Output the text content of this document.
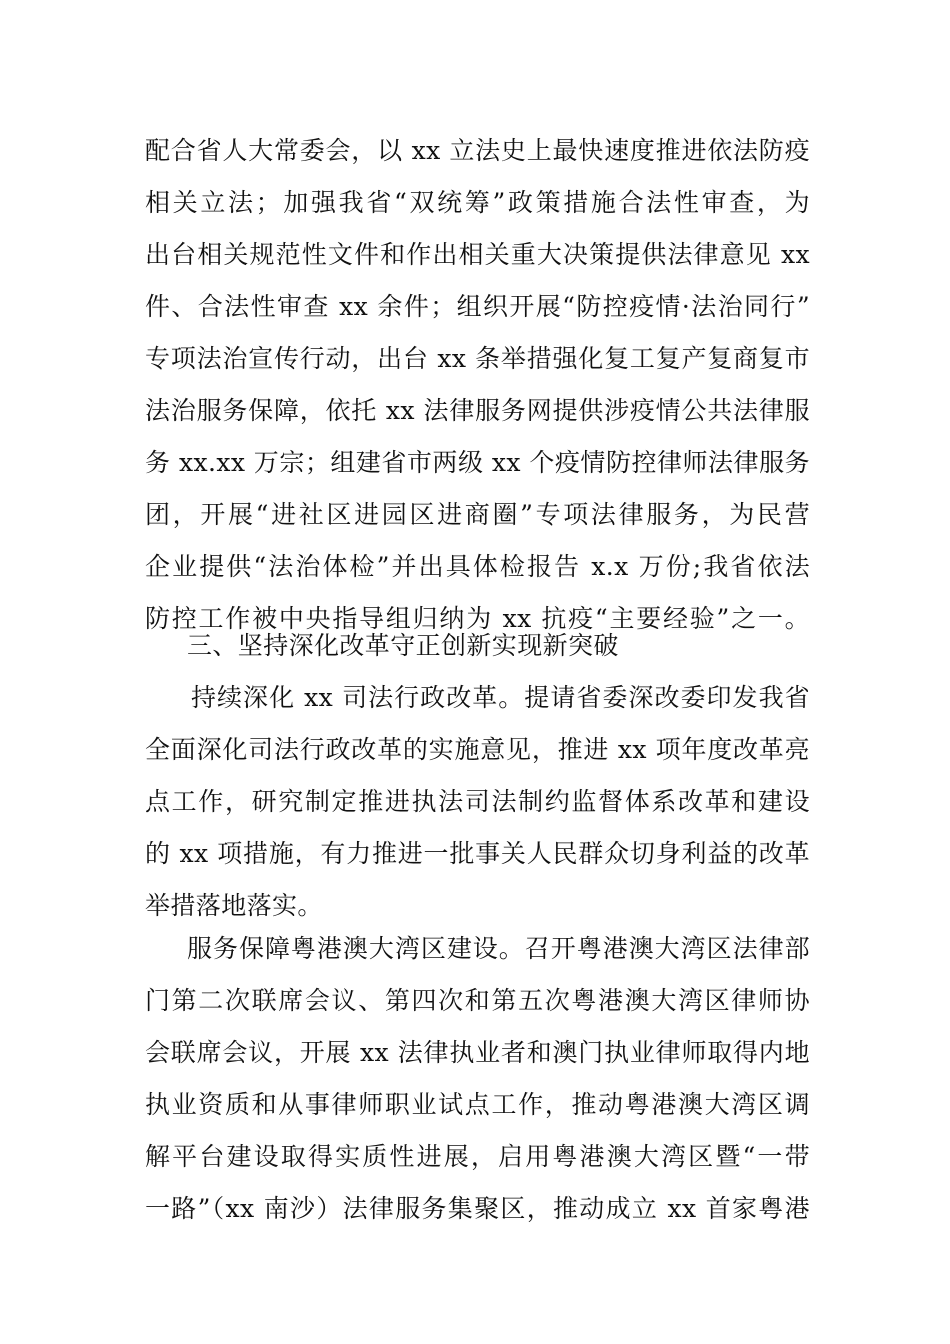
配合省人大常委会，以 xx 立法史上最快速度推进依法防疫
相关立法；加强我省“双统筹”政策措施合法性审查，为
出台相关规范性文件和作出相关重大决策提供法律意见 xx
件、合法性审查 xx 余件；组织开展“防控疫情·法治同行”
专项法治宣传行动，出台 xx 条举措强化复工复产复商复市
法治服务保障，依托 xx 法律服务网提供涉疫情公共法律服
务 xx.xx 万宗；组建省市两级 xx 个疫情防控律师法律服务
团，开展“进社区进园区进商圈”专项法律服务，为民营
企业提供“法治体检”并出具体检报告 x.x 万份;我省依法
防控工作被中央指导组归纳为 xx 抗疫“主要经验”之一。
三、坚持深化改革守正创新实现新突破
持续深化 xx 司法行政改革。提请省委深改委印发我省
全面深化司法行政改革的实施意见，推进 xx 项年度改革亮
点工作，研究制定推进执法司法制约监督体系改革和建设
的 xx 项措施，有力推进一批事关人民群众切身利益的改革
举措落地落实。
服务保障粤港澳大湾区建设。召开粤港澳大湾区法律部
门第二次联席会议、第四次和第五次粤港澳大湾区律师协
会联席会议，开展 xx 法律执业者和澳门执业律师取得内地
执业资质和从事律师职业试点工作，推动粤港澳大湾区调
解平台建设取得实质性进展，启用粤港澳大湾区暨“一带
一路”（xx 南沙）法律服务集聚区，推动成立 xx 首家粤港
